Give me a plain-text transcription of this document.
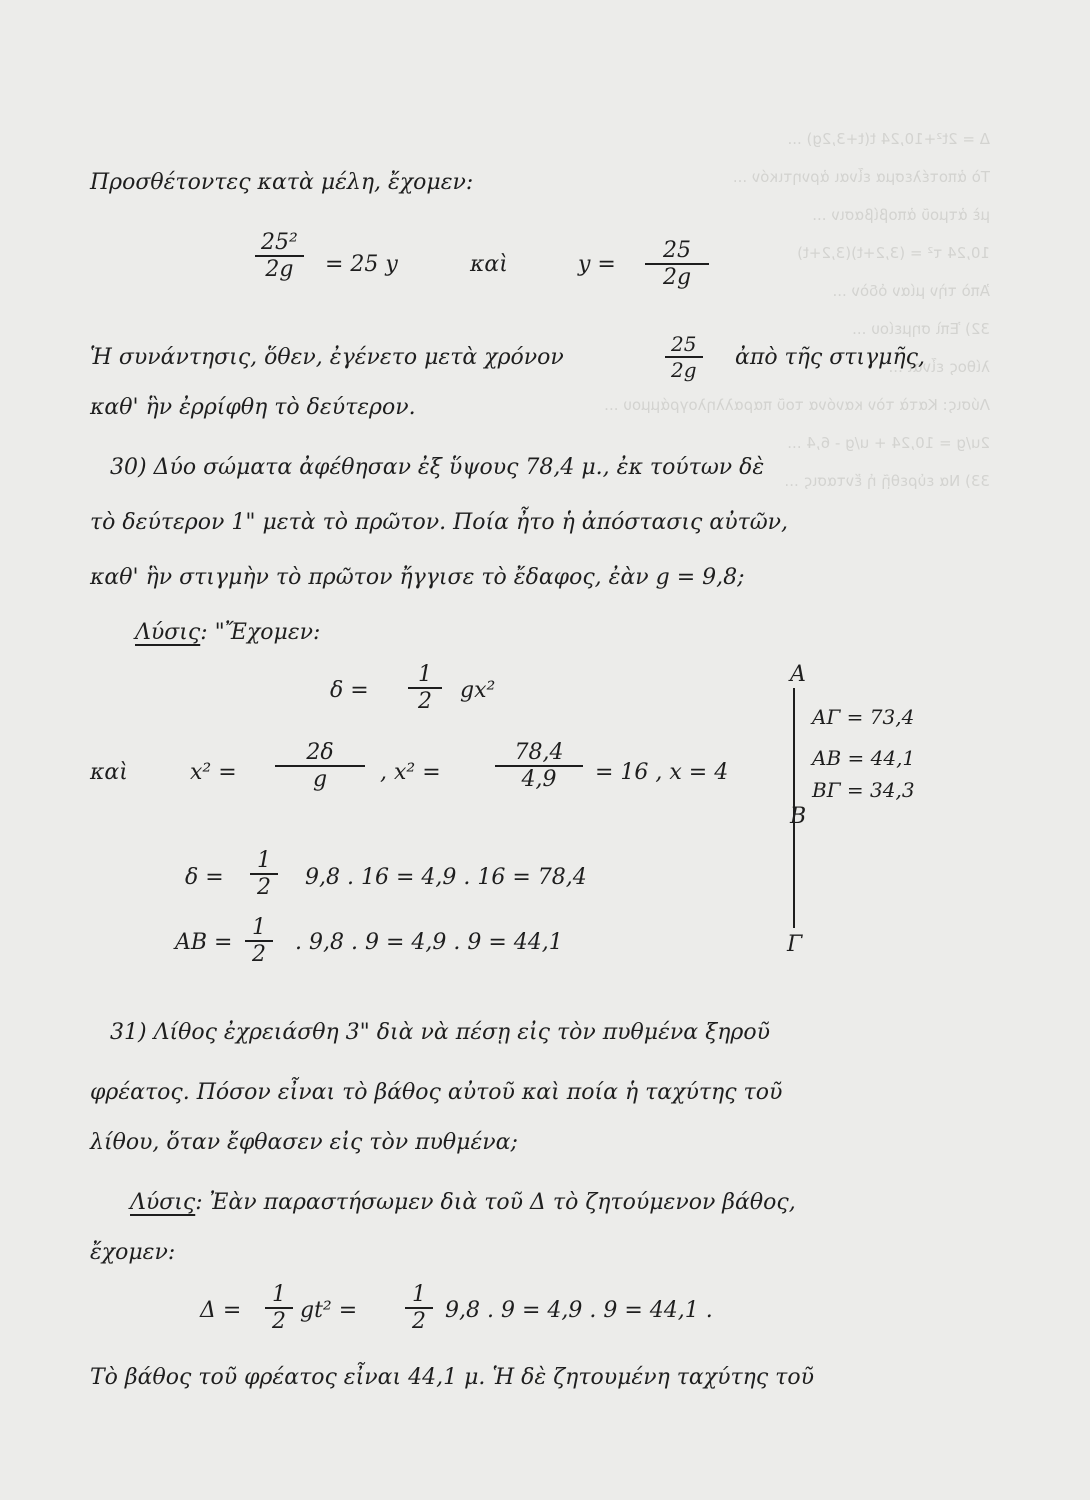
Δ = 2t²+10,24 t(t+3,2g) ...
Τὸ ἀποτέλεσμα εἶναι ἀρνητικόν ...
μὲ ἀτμοῦ ἀποβίβασιν ...
10,24 τ² = (3,2+t)(3,2+t)
Ἀπὸ τὴν μίαν ὁδὸν ...
32) Ἐπὶ σημείου ...
λίθος εἶναι ...
Λύσις: Κατὰ τὸν κανόνα τοῦ παραλληλογράμμου ...
2u/g = 10,24 + u/g - 6,4 ...
33) Να εὑρεθῇ ἡ ἔντασις ...
Προσθέτοντες κατὰ μέλη, ἔχομεν:
25²
2g = 25 y	καὶ	y =
25
2g
Ἡ συνάντησις, ὅθεν, ἐγένετο μετὰ χρόνον
25
2g ἀπὸ τῆς στιγμῆς,
καθ' ἣν ἐρρίφθη τὸ δεύτερον.
30) Δύο σώματα ἀφέθησαν ἐξ ὕψους 78,4 μ., ἐκ τούτων δὲ
τὸ δεύτερον 1" μετὰ τὸ πρῶτον. Ποία ἦτο ἡ ἀπόστασις αὐτῶν,
καθ' ἣν στιγμὴν τὸ πρῶτον ἤγγισε τὸ ἔδαφος, ἐὰν g = 9,8;
Λύσις: "Ἔχομεν:
δ =
1
2 gx²
καὶ	x² =
2δ
g , x² =
78,4
4,9 = 16 , x = 4
δ =
1
2 9,8 . 16 = 4,9 . 16 = 78,4
AB =
1
2 . 9,8 . 9 = 4,9 . 9 = 44,1
A
B
Γ
AΓ = 73,4
AB = 44,1
BΓ = 34,3
31) Λίθος ἐχρειάσθη 3" διὰ νὰ πέσῃ εἰς τὸν πυθμένα ξηροῦ
φρέατος. Πόσον εἶναι τὸ βάθος αὐτοῦ καὶ ποία ἡ ταχύτης τοῦ
λίθου, ὅταν ἔφθασεν εἰς τὸν πυθμένα;
Λύσις: Ἐὰν παραστήσωμεν διὰ τοῦ Δ τὸ ζητούμενον βάθος,
ἔχομεν:
Δ =
1
2 gt² =
1
2 9,8 . 9 = 4,9 . 9 = 44,1 .
Τὸ βάθος τοῦ φρέατος εἶναι 44,1 μ. Ἡ δὲ ζητουμένη ταχύτης τοῦ
